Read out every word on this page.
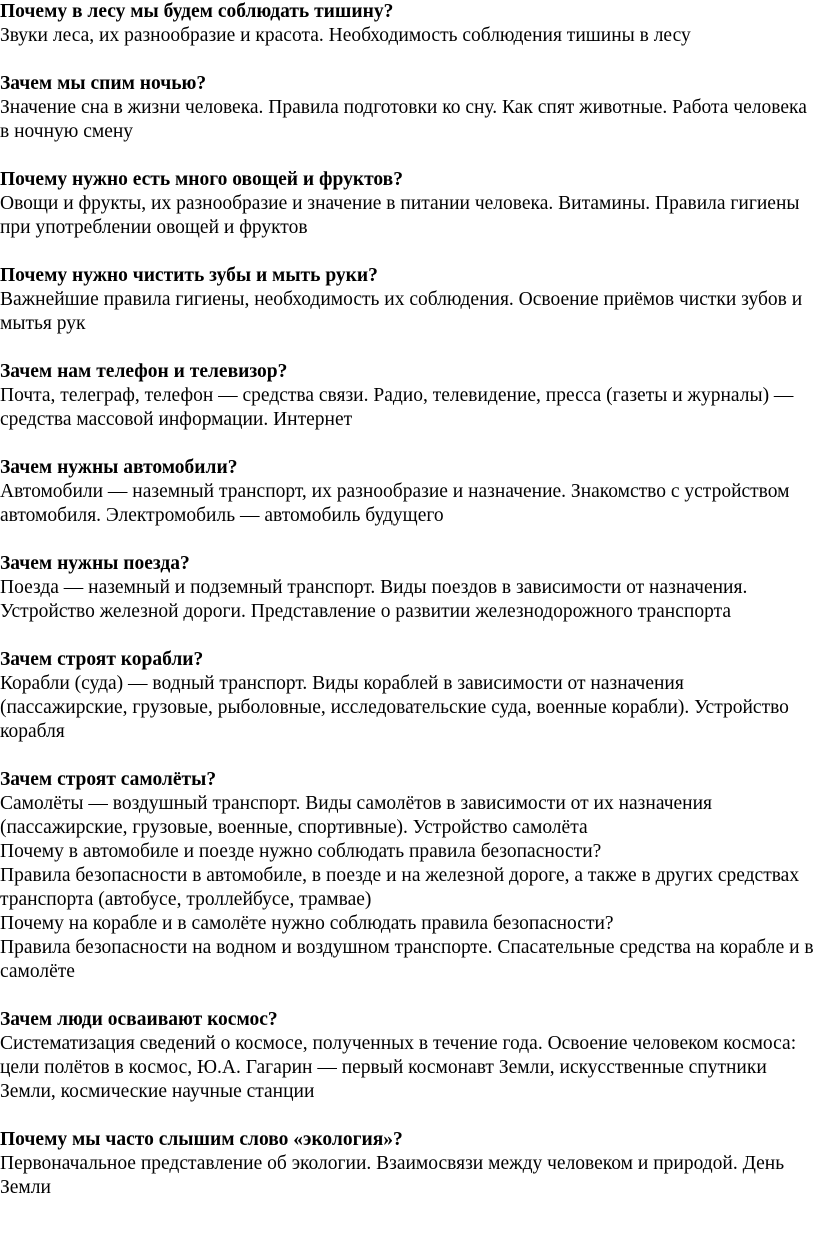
Почему в лесу мы будем соблюдать тишину?
Звуки леса, их разнообразие и красота. Необходимость соблюдения тишины в лесу
Зачем мы спим ночью?
Значение сна в жизни человека. Правила подготовки ко сну. Как спят животные. Работа человека в ночную смену
Почему нужно есть много овощей и фруктов?
Овощи и фрукты, их разнообразие и значение в питании человека. Витамины. Правила гигиены при употреблении овощей и фруктов
Почему нужно чистить зубы и мыть руки?
Важнейшие правила гигиены, необходимость их соблюдения. Освоение приёмов чистки зубов и мытья рук
Зачем нам телефон и телевизор?
Почта, телеграф, телефон — средства связи. Радио, телевидение, пресса (газеты и журналы) — средства массовой информации. Интернет
Зачем нужны автомобили?
Автомобили — наземный транспорт, их разнообразие и назначение. Знакомство с устройством автомобиля. Электромобиль — автомобиль будущего
Зачем нужны поезда?
Поезда — наземный и подземный транспорт. Виды поездов в зависимости от назначения. Устройство железной дороги. Представление о развитии железнодорожного транспорта
Зачем строят корабли?
Корабли (суда) — водный транспорт. Виды кораблей в зависимости от назначения (пассажирские, грузовые, рыболовные, исследовательские суда, военные корабли). Устройство корабля
Зачем строят самолёты?
Самолёты — воздушный транспорт. Виды самолётов в зависимости от их назначения (пассажирские, грузовые, военные, спортивные). Устройство самолёта
Почему в автомобиле и поезде нужно соблюдать правила безопасности?
Правила безопасности в автомобиле, в поезде и на железной дороге, а также в других средствах транспорта (автобусе, троллейбусе, трамвае)
Почему на корабле и в самолёте нужно соблюдать правила безопасности?
Правила безопасности на водном и воздушном транспорте. Спасательные средства на корабле и в самолёте
Зачем люди осваивают космос?
Систематизация сведений о космосе, полученных в течение года. Освоение человеком космоса: цели полётов в космос, Ю.А. Гагарин — первый космонавт Земли, искусственные спутники Земли, космические научные станции
Почему мы часто слышим слово «экология»?
Первоначальное представление об экологии. Взаимосвязи между человеком и природой. День Земли
